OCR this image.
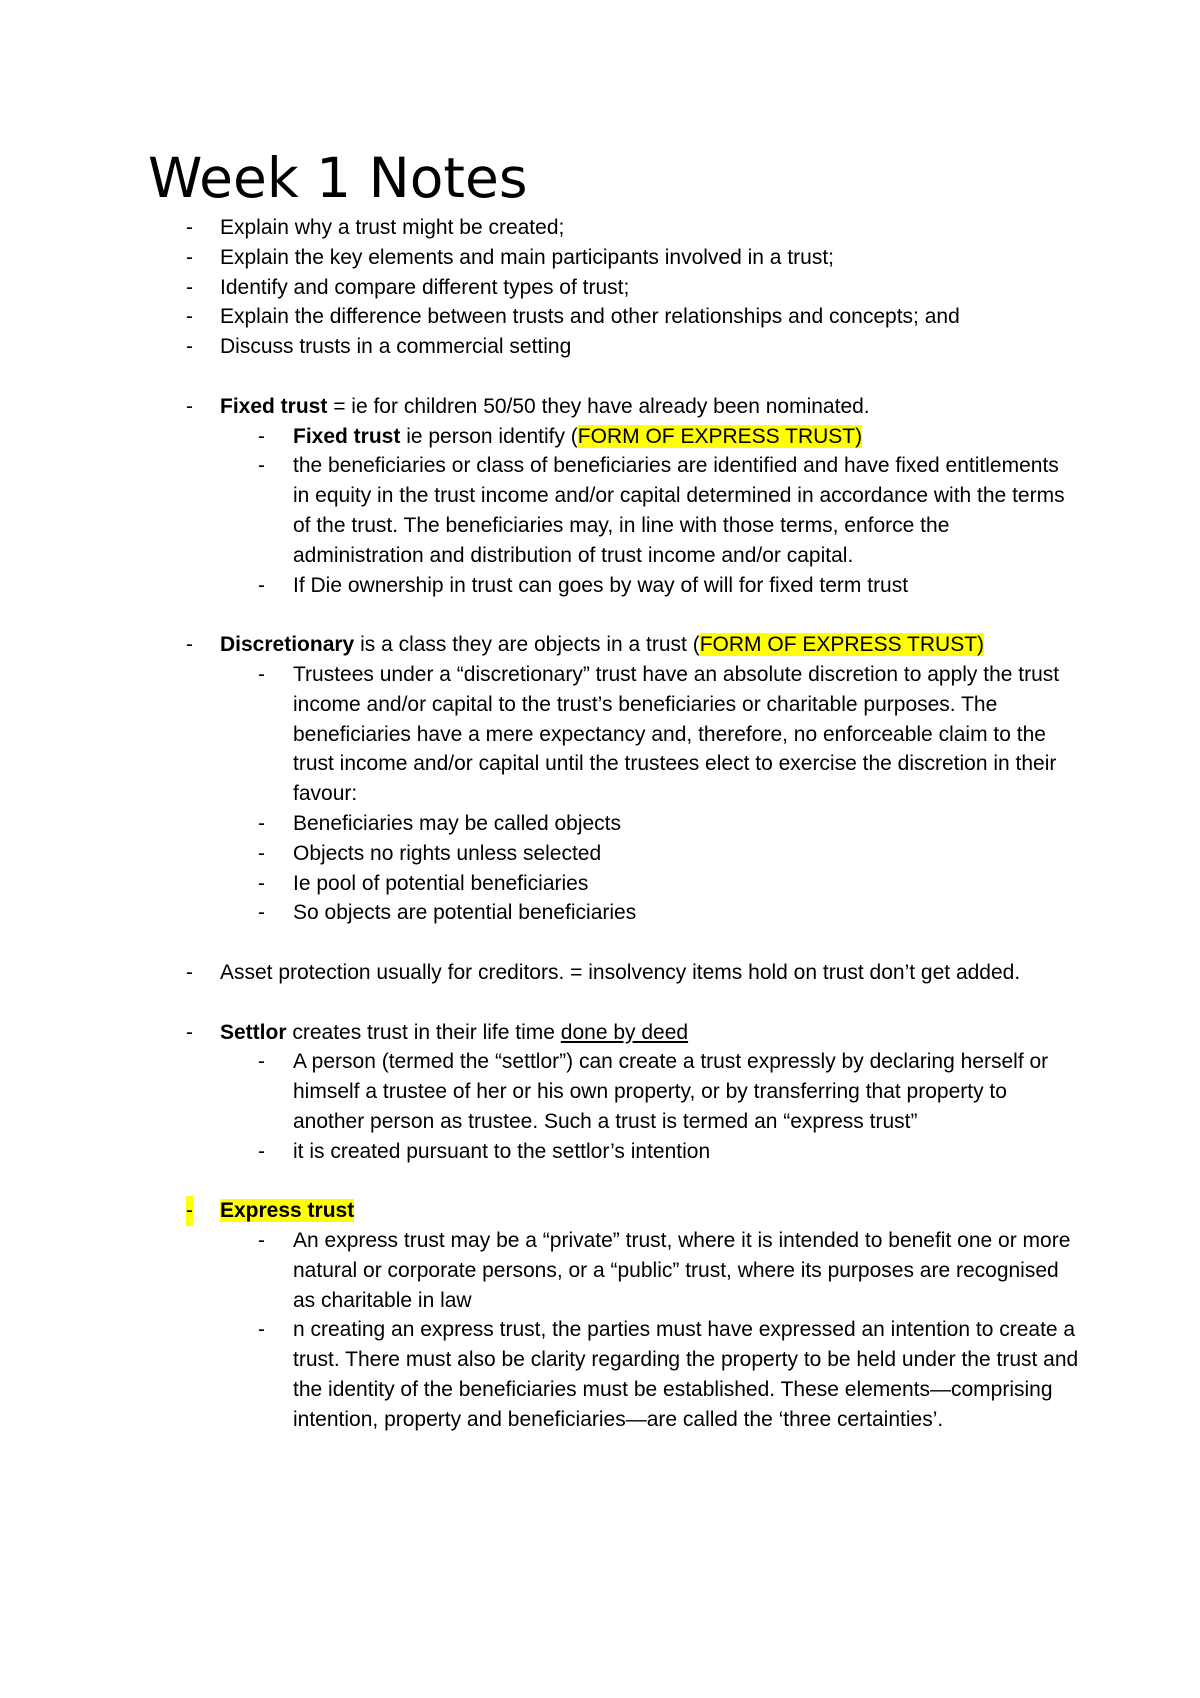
Week 1 Notes
- Explain why a trust might be created;
- Explain the key elements and main participants involved in a trust;
- Identify and compare different types of trust;
- Explain the difference between trusts and other relationships and concepts; and
- Discuss trusts in a commercial setting
- Fixed trust = ie for children 50/50 they have already been nominated.
- Fixed trust ie person identify (FORM OF EXPRESS TRUST)
- the beneficiaries or class of beneficiaries are identified and have fixed entitlements in equity in the trust income and/or capital determined in accordance with the terms of the trust. The beneficiaries may, in line with those terms, enforce the administration and distribution of trust income and/or capital.
- If Die ownership in trust can goes by way of will for fixed term trust
- Discretionary is a class they are objects in a trust (FORM OF EXPRESS TRUST)
- Trustees under a “discretionary” trust have an absolute discretion to apply the trust income and/or capital to the trust’s beneficiaries or charitable purposes. The beneficiaries have a mere expectancy and, therefore, no enforceable claim to the trust income and/or capital until the trustees elect to exercise the discretion in their favour:
- Beneficiaries may be called objects
- Objects no rights unless selected
- Ie pool of potential beneficiaries
- So objects are potential beneficiaries
- Asset protection usually for creditors. = insolvency items hold on trust don’t get added.
- Settlor creates trust in their life time done by deed
- A person (termed the “settlor”) can create a trust expressly by declaring herself or himself a trustee of her or his own property, or by transferring that property to another person as trustee. Such a trust is termed an “express trust”
- it is created pursuant to the settlor’s intention
- Express trust
- An express trust may be a “private” trust, where it is intended to benefit one or more natural or corporate persons, or a “public” trust, where its purposes are recognised as charitable in law
- n creating an express trust, the parties must have expressed an intention to create a trust. There must also be clarity regarding the property to be held under the trust and the identity of the beneficiaries must be established. These elements—comprising intention, property and beneficiaries—are called the ‘three certainties’.
